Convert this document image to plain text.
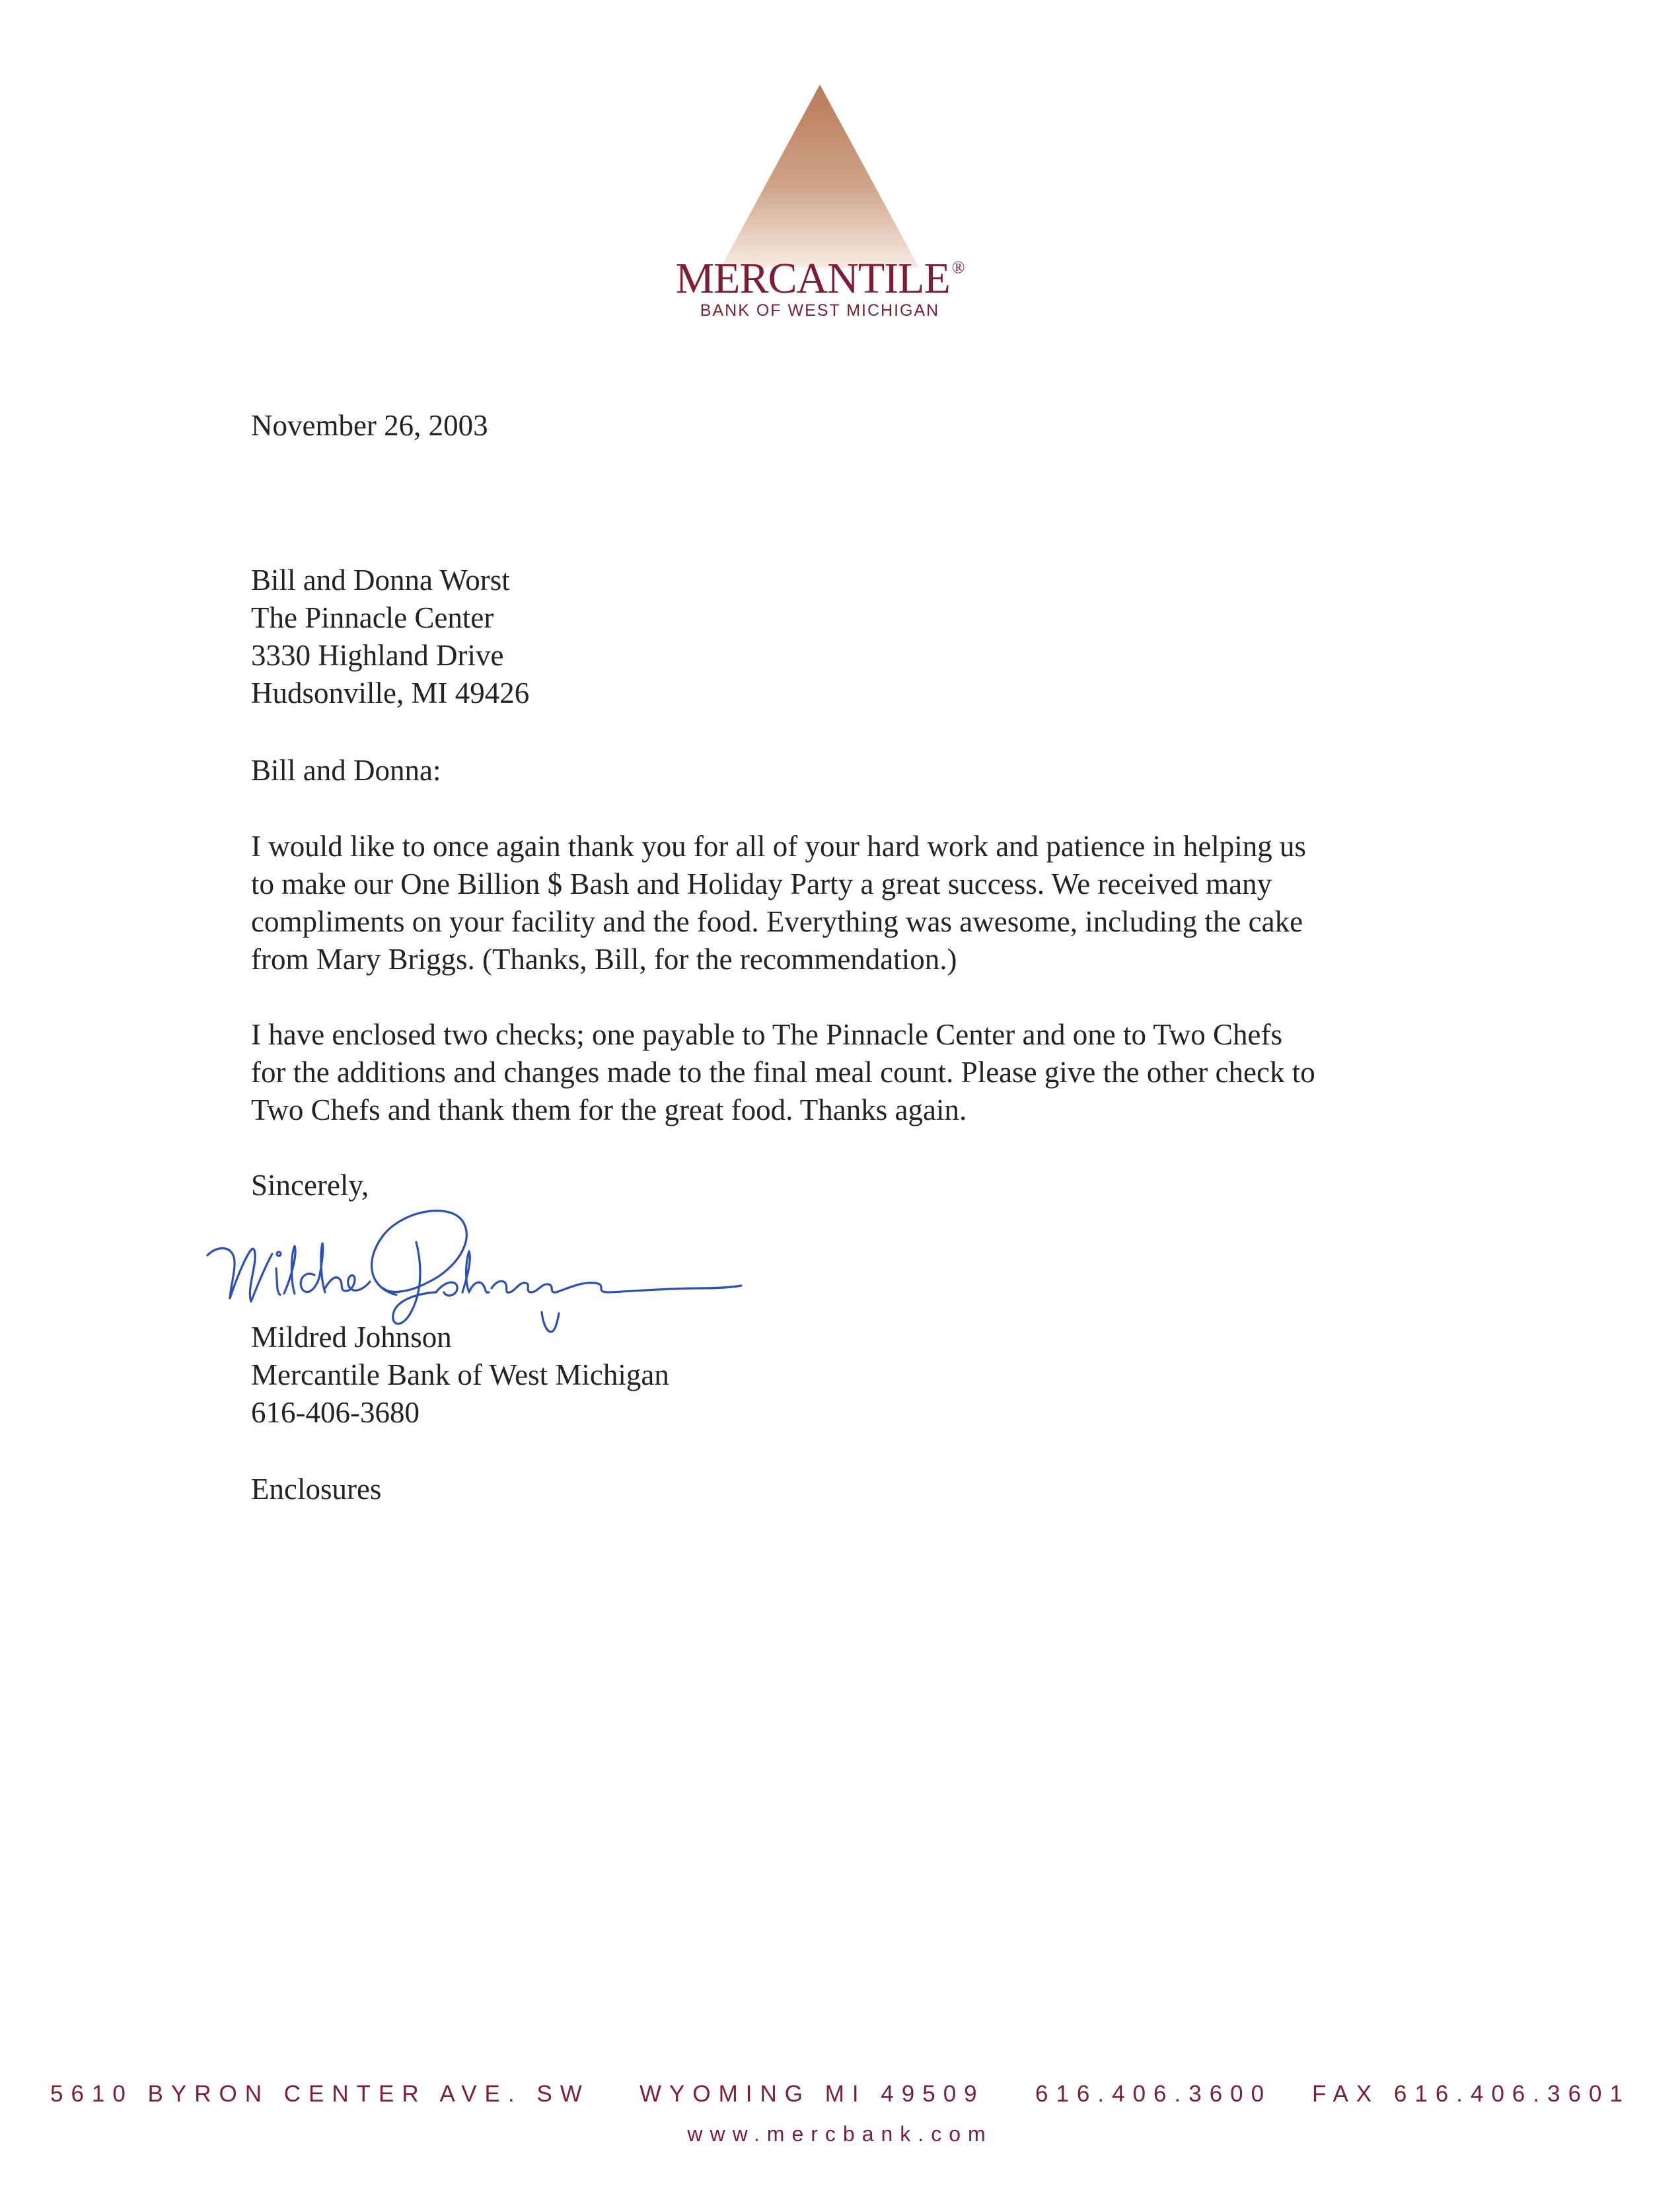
MERCANTILE ®
BANK OF WEST MICHIGAN
November 26, 2003
Bill and Donna Worst
The Pinnacle Center
3330 Highland Drive
Hudsonville, MI 49426
Bill and Donna:
I would like to once again thank you for all of your hard work and patience in helping us
to make our One Billion $ Bash and Holiday Party a great success. We received many
compliments on your facility and the food. Everything was awesome, including the cake
from Mary Briggs. (Thanks, Bill, for the recommendation.)
I have enclosed two checks; one payable to The Pinnacle Center and one to Two Chefs
for the additions and changes made to the final meal count. Please give the other check to
Two Chefs and thank them for the great food. Thanks again.
Sincerely,
Mildred Johnson
Mercantile Bank of West Michigan
616-406-3680
Enclosures
5610 BYRON CENTER AVE. SW WYOMING MI 49509 616.406.3600 FAX 616.406.3601
www.mercbank.com
